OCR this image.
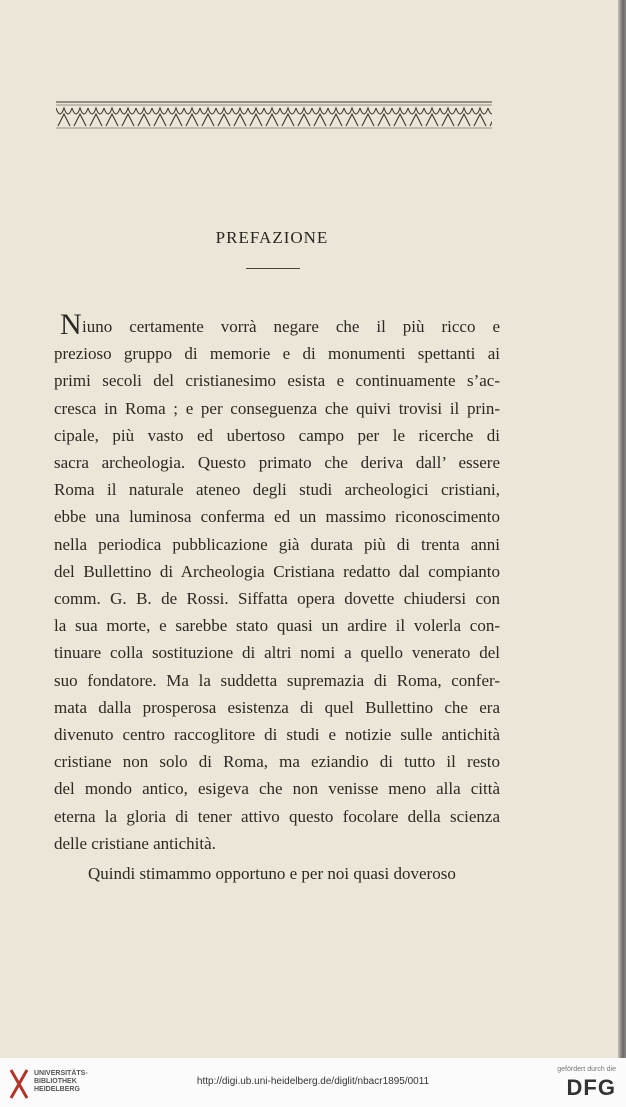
PREFAZIONE
N iuno certamente vorrà negare che il più ricco e

prezioso gruppo di memorie e di monumenti spettanti ai

primi secoli del cristianesimo esista e continuamente s’ac-

cresca in Roma ; e per conseguenza che quivi trovisi il prin-

cipale, più vasto ed ubertoso campo per le ricerche di

sacra archeologia. Questo primato che deriva dall’ essere

Roma il naturale ateneo degli studi archeologici cristiani,

ebbe una luminosa conferma ed un massimo riconoscimento

nella periodica pubblicazione già durata più di trenta anni

del Bullettino di Archeologia Cristiana redatto dal compianto

comm. G. B. de Rossi. Siffatta opera dovette chiudersi con

la sua morte, e sarebbe stato quasi un ardire il volerla con-

tinuare colla sostituzione di altri nomi a quello venerato del

suo fondatore. Ma la suddetta supremazia di Roma, confer-

mata dalla prosperosa esistenza di quel Bullettino che era

divenuto centro raccoglitore di studi e notizie sulle antichità

cristiane non solo di Roma, ma eziandio di tutto il resto

del mondo antico, esigeva che non venisse meno alla città

eterna la gloria di tener attivo questo focolare della scienza

delle cristiane antichità.

Quindi stimammo opportuno e per noi quasi doveroso

UNIVERSITÄTS-
BIBLIOTHEK
HEIDELBERG
http://digi.ub.uni-heidelberg.de/diglit/nbacr1895/0011
gefördert durch die
DFG
